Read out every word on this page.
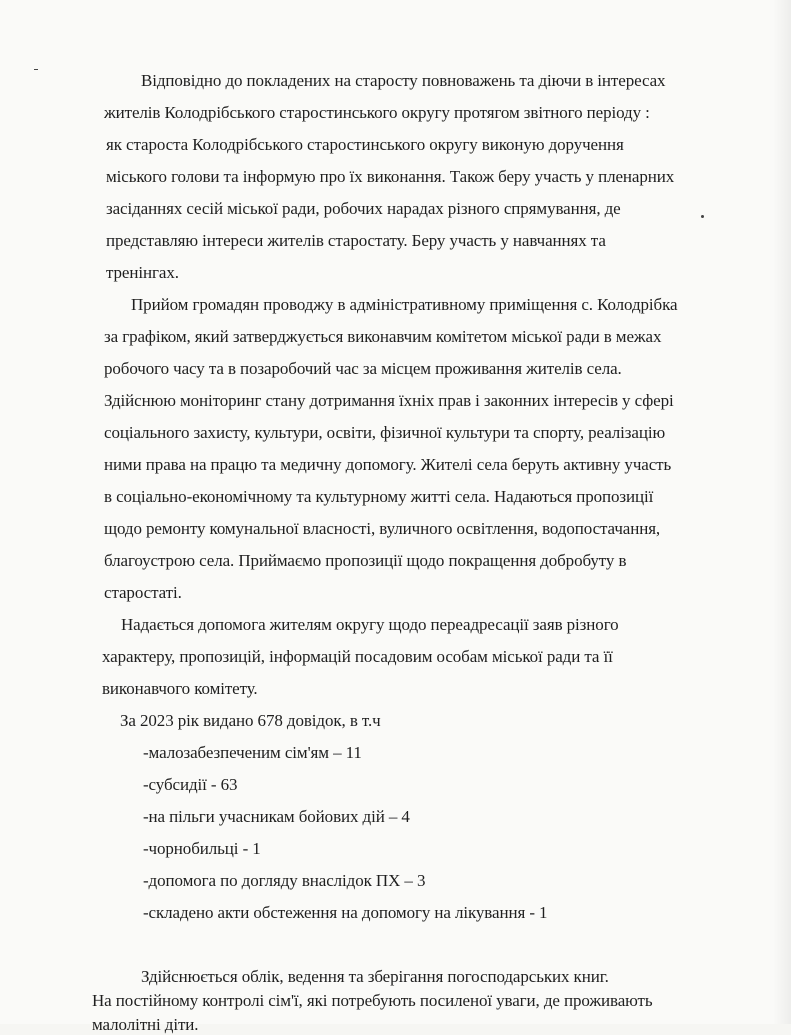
Відповідно до покладених на старосту повноважень та діючи в інтересах
жителів Колодрібського старостинського округу протягом звітного періоду :
як староста Колодрібського старостинського округу виконую доручення
міського голови та інформую про їх виконання. Також беру участь у пленарних
засіданнях сесій міської ради, робочих нарадах різного спрямування, де
представляю інтереси жителів старостату. Беру участь у навчаннях та
тренінгах.
Прийом громадян проводжу в адміністративному приміщення с. Колодрібка
за графіком, який затверджується виконавчим комітетом міської ради в межах
робочого часу та в позаробочий час за місцем проживання жителів села.
Здійснюю моніторинг стану дотримання їхніх прав і законних інтересів у сфері
соціального захисту, культури, освіти, фізичної культури та спорту, реалізацію
ними права на працю та медичну допомогу. Жителі села беруть активну участь
в соціально-економічному та культурному житті села. Надаються пропозиції
щодо ремонту комунальної власності, вуличного освітлення, водопостачання,
благоустрою села. Приймаємо пропозиції щодо покращення добробуту в
старостаті.
Надається допомога жителям округу щодо переадресації заяв різного
характеру, пропозицій, інформацій посадовим особам міської ради та її
виконавчого комітету.
За 2023 рік видано 678 довідок, в т.ч
-малозабезпеченим сім'ям – 11
-субсидії - 63
-на пільги учасникам бойових дій – 4
-чорнобильці - 1
-допомога по догляду внаслідок ПХ – 3
-складено акти обстеження на допомогу на лікування - 1
Здійснюється облік, ведення та зберігання погосподарських книг.
На постійному контролі сім'ї, які потребують посиленої уваги, де проживають
малолітні діти.
